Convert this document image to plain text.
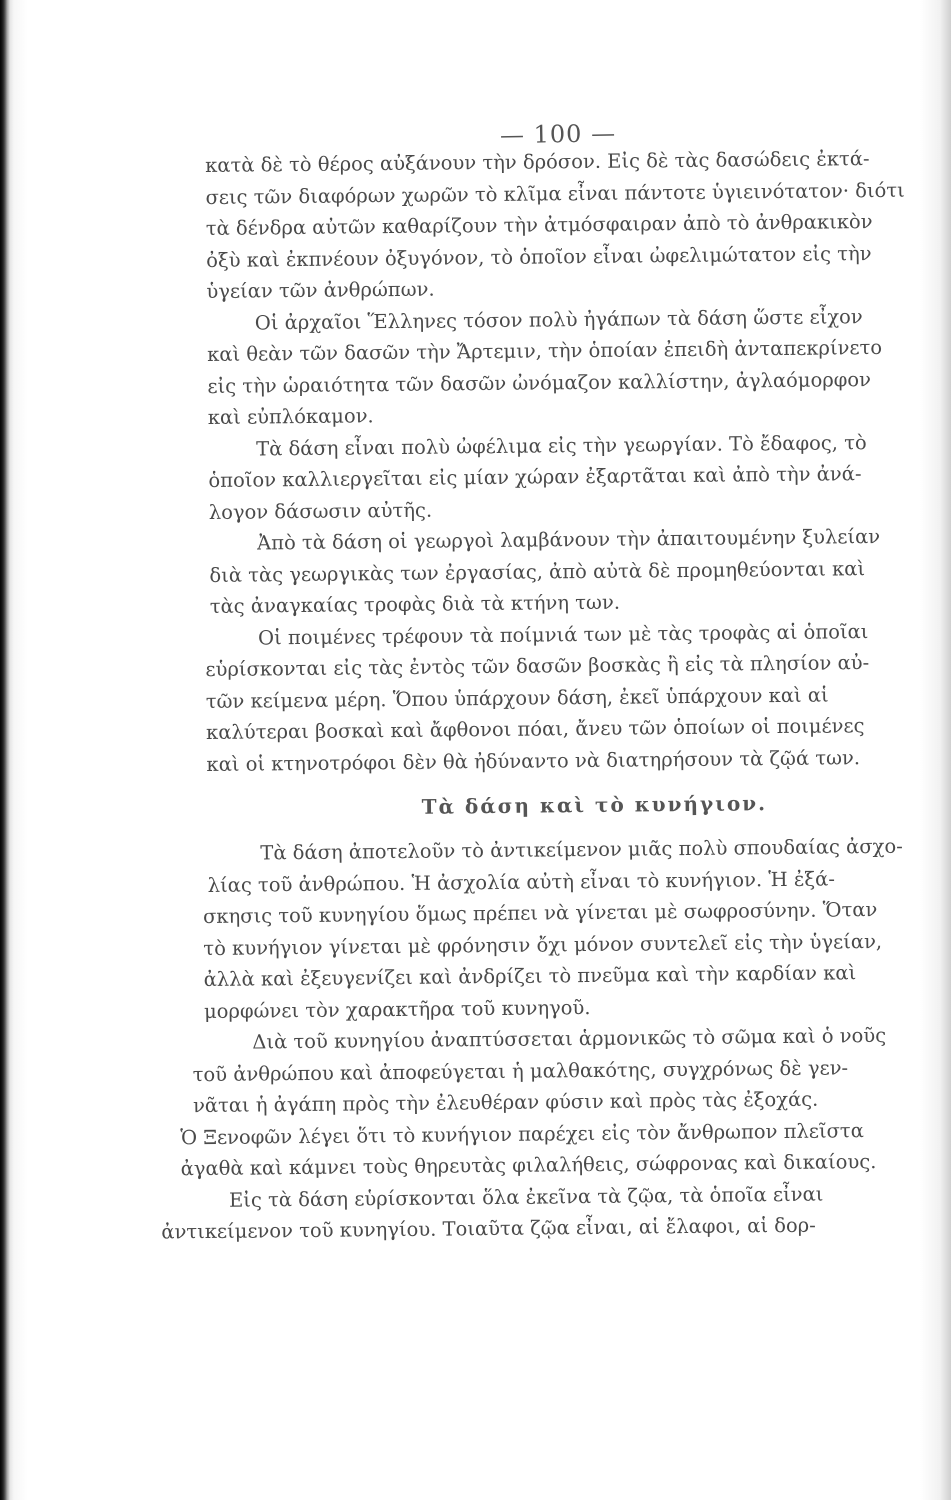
— 100 —
κατὰ δὲ τὸ θέρος αὐξάνουν τὴν δρόσον. Εἰς δὲ τὰς δασώδεις ἐκτά-
σεις τῶν διαφόρων χωρῶν τὸ κλῖμα εἶναι πάντοτε ὑγιεινότατον· διότι
τὰ δένδρα αὐτῶν καθαρίζουν τὴν ἀτμόσφαιραν ἀπὸ τὸ ἀνθρακικὸν
ὀξὺ καὶ ἐκπνέουν ὀξυγόνον, τὸ ὁποῖον εἶναι ὠφελιμώτατον εἰς τὴν
ὑγείαν τῶν ἀνθρώπων.
Οἱ ἀρχαῖοι Ἕλληνες τόσον πολὺ ἠγάπων τὰ δάση ὥστε εἶχον
καὶ θεὰν τῶν δασῶν τὴν Ἄρτεμιν, τὴν ὁποίαν ἐπειδὴ ἀνταπεκρίνετο
εἰς τὴν ὡραιότητα τῶν δασῶν ὠνόμαζον καλλίστην, ἀγλαόμορφον
καὶ εὐπλόκαμον.
Τὰ δάση εἶναι πολὺ ὠφέλιμα εἰς τὴν γεωργίαν. Τὸ ἔδαφος, τὸ
ὁποῖον καλλιεργεῖται εἰς μίαν χώραν ἐξαρτᾶται καὶ ἀπὸ τὴν ἀνά-
λογον δάσωσιν αὐτῆς.
Ἀπὸ τὰ δάση οἱ γεωργοὶ λαμβάνουν τὴν ἀπαιτουμένην ξυλείαν
διὰ τὰς γεωργικὰς των ἐργασίας, ἀπὸ αὐτὰ δὲ προμηθεύονται καὶ
τὰς ἀναγκαίας τροφὰς διὰ τὰ κτήνη των.
Οἱ ποιμένες τρέφουν τὰ ποίμνιά των μὲ τὰς τροφὰς αἱ ὁποῖαι
εὑρίσκονται εἰς τὰς ἐντὸς τῶν δασῶν βοσκὰς ἢ εἰς τὰ πλησίον αὐ-
τῶν κείμενα μέρη. Ὅπου ὑπάρχουν δάση, ἐκεῖ ὑπάρχουν καὶ αἱ
καλύτεραι βοσκαὶ καὶ ἄφθονοι πόαι, ἄνευ τῶν ὁποίων οἱ ποιμένες
καὶ οἱ κτηνοτρόφοι δὲν θὰ ἠδύναντο νὰ διατηρήσουν τὰ ζῷά των.
Τὰ δάση καὶ τὸ κυνήγιον.
Τὰ δάση ἀποτελοῦν τὸ ἀντικείμενον μιᾶς πολὺ σπουδαίας ἀσχο-
λίας τοῦ ἀνθρώπου. Ἡ ἀσχολία αὐτὴ εἶναι τὸ κυνήγιον. Ἡ ἐξά-
σκησις τοῦ κυνηγίου ὅμως πρέπει νὰ γίνεται μὲ σωφροσύνην. Ὅταν
τὸ κυνήγιον γίνεται μὲ φρόνησιν ὄχι μόνον συντελεῖ εἰς τὴν ὑγείαν,
ἀλλὰ καὶ ἐξευγενίζει καὶ ἀνδρίζει τὸ πνεῦμα καὶ τὴν καρδίαν καὶ
μορφώνει τὸν χαρακτῆρα τοῦ κυνηγοῦ.
Διὰ τοῦ κυνηγίου ἀναπτύσσεται ἁρμονικῶς τὸ σῶμα καὶ ὁ νοῦς
τοῦ ἀνθρώπου καὶ ἀποφεύγεται ἡ μαλθακότης, συγχρόνως δὲ γεν-
νᾶται ἡ ἀγάπη πρὸς τὴν ἐλευθέραν φύσιν καὶ πρὸς τὰς ἐξοχάς.
Ὁ Ξενοφῶν λέγει ὅτι τὸ κυνήγιον παρέχει εἰς τὸν ἄνθρωπον πλεῖστα
ἀγαθὰ καὶ κάμνει τοὺς θηρευτὰς φιλαλήθεις, σώφρονας καὶ δικαίους.
Εἰς τὰ δάση εὑρίσκονται ὅλα ἐκεῖνα τὰ ζῷα, τὰ ὁποῖα εἶναι
ἀντικείμενον τοῦ κυνηγίου. Τοιαῦτα ζῷα εἶναι, αἱ ἔλαφοι, αἱ δορ-
